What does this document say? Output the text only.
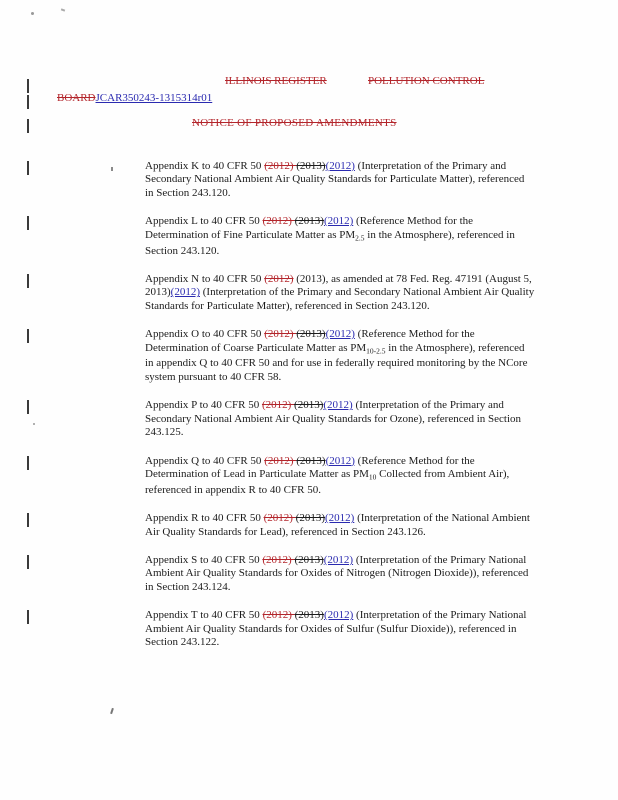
ILLINOIS REGISTER	POLLUTION CONTROL
BOARDJCAR350243-1315314r01
NOTICE OF PROPOSED AMENDMENTS
Appendix K to 40 CFR 50 (2012) (2013)(2012) (Interpretation of the Primary and Secondary National Ambient Air Quality Standards for Particulate Matter), referenced in Section 243.120.
Appendix L to 40 CFR 50 (2012) (2013)(2012) (Reference Method for the Determination of Fine Particulate Matter as $PM_{2.5}$ in the Atmosphere), referenced in Section 243.120.
Appendix N to 40 CFR 50 (2012) (2013), as amended at 78 Fed. Reg. 47191 (August 5, 2013)(2012) (Interpretation of the Primary and Secondary National Ambient Air Quality Standards for Particulate Matter), referenced in Section 243.120.
Appendix O to 40 CFR 50 (2012) (2013)(2012) (Reference Method for the Determination of Coarse Particulate Matter as $PM_{10-2.5}$ in the Atmosphere), referenced in appendix Q to 40 CFR 50 and for use in federally required monitoring by the NCore system pursuant to 40 CFR 58.
Appendix P to 40 CFR 50 (2012) (2013)(2012) (Interpretation of the Primary and Secondary National Ambient Air Quality Standards for Ozone), referenced in Section 243.125.
Appendix Q to 40 CFR 50 (2012) (2013)(2012) (Reference Method for the Determination of Lead in Particulate Matter as $PM_{10}$ Collected from Ambient Air), referenced in appendix R to 40 CFR 50.
Appendix R to 40 CFR 50 (2012) (2013)(2012) (Interpretation of the National Ambient Air Quality Standards for Lead), referenced in Section 243.126.
Appendix S to 40 CFR 50 (2012) (2013)(2012) (Interpretation of the Primary National Ambient Air Quality Standards for Oxides of Nitrogen (Nitrogen Dioxide)), referenced in Section 243.124.
Appendix T to 40 CFR 50 (2012) (2013)(2012) (Interpretation of the Primary National Ambient Air Quality Standards for Oxides of Sulfur (Sulfur Dioxide)), referenced in Section 243.122.
